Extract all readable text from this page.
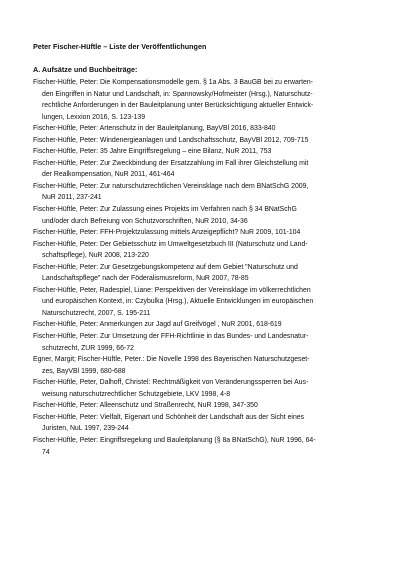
Peter Fischer-Hüftle – Liste der Veröffentlichungen
A. Aufsätze und Buchbeiträge:
Fischer-Hüftle, Peter: Die Kompensationsmodelle gem. § 1a Abs. 3 BauGB bei zu erwarten-
den Eingriffen in Natur und Landschaft, in: Spannowsky/Hofmeister (Hrsg.), Naturschutz-
rechtliche Anforderungen in der Bauleitplanung unter Berücksichtigung aktueller Entwick-
lungen, Lexxion 2016, S. 123-139
Fischer-Hüftle, Peter: Artenschutz in der Bauleitplanung, BayVBl 2016, 833-840
Fischer-Hüftle, Peter: Windenergieanlagen und Landschaftsschutz, BayVBl 2012, 709-715
Fischer-Hüftle, Peter: 35 Jahre Eingriffsregelung – eine Bilanz, NuR 2011, 753
Fischer-Hüftle, Peter: Zur Zweckbindung der Ersatzzahlung im Fall ihrer Gleichstellung mit
der Realkompensation, NuR 2011, 461-464
Fischer-Hüftle, Peter: Zur naturschutzrechtlichen Vereinsklage nach dem BNatSchG 2009,
NuR 2011, 237-241
Fischer-Hüftle, Peter: Zur Zulassung eines Projekts im Verfahren nach § 34 BNatSchG
und/oder durch Befreiung von Schutzvorschriften, NuR 2010, 34-36
Fischer-Hüftle, Peter: FFH-Projektzulassung mittels Anzeigepflicht? NuR 2009, 101-104
Fischer-Hüftle, Peter: Der Gebietsschutz im Umweltgesetzbuch III (Naturschutz und Land-
schaftspflege), NuR 2008, 213-220
Fischer-Hüftle, Peter: Zur Gesetzgebungskompetenz auf dem Gebiet "Naturschutz und
Landschaftspflege" nach der Föderalismusreform, NuR 2007, 78-85
Fischer-Hüftle, Peter, Radespiel, Liane: Perspektiven der Vereinsklage im völkerrechtlichen
und europäischen Kontext, in: Czybulka (Hrsg.), Aktuelle Entwicklungen im europäischen
Naturschutzrecht, 2007, S. 195-211
Fischer-Hüftle, Peter: Anmerkungen zur Jagd auf Greifvögel , NuR 2001, 618-619
Fischer-Hüftle, Peter: Zur Umsetzung der FFH-Richtlinie in das Bundes- und Landesnatur-
schutzrecht, ZUR 1999, 66-72
Egner, Margit; Fischer-Hüftle, Peter.: Die Novelle 1998 des Bayerischen Naturschutzgeset-
zes, BayVBl 1999, 680-688
Fischer-Hüftle, Peter, Dalhoff, Christel: Rechtmäßigkeit von Veränderungssperren bei Aus-
weisung naturschutzrechtlicher Schutzgebiete, LKV 1998, 4-8
Fischer-Hüftle, Peter: Alleenschutz und Straßenrecht, NuR 1998, 347-350
Fischer-Hüftle, Peter: Vielfalt, Eigenart und Schönheit der Landschaft aus der Sicht eines
Juristen, NuL 1997, 239-244
Fischer-Hüftle, Peter: Eingriffsregelung und Bauleitplanung (§ 8a BNatSchG), NuR 1996, 64-
74
